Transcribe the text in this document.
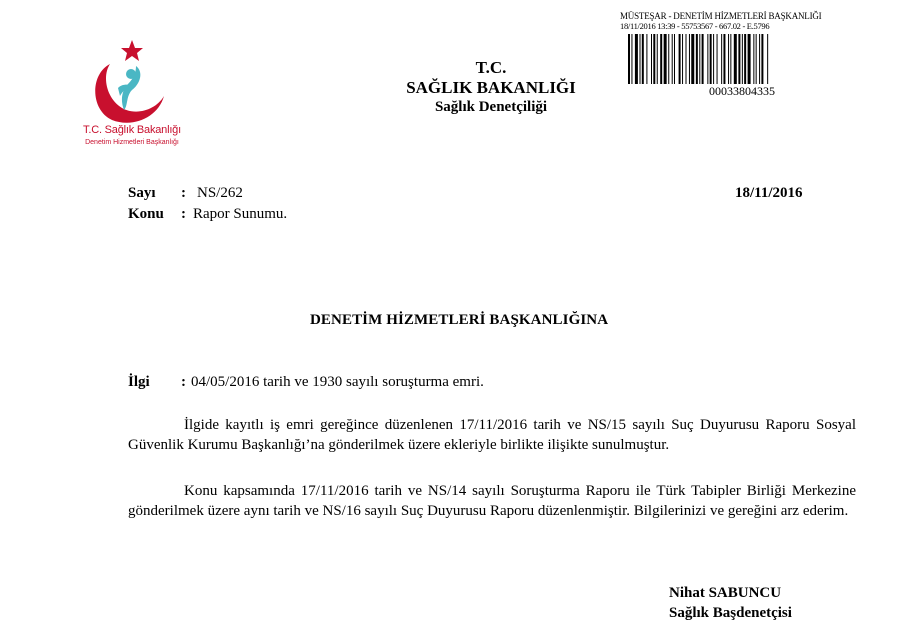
T.C. Sağlık Bakanlığı
Denetim Hizmetleri Başkanlığı
T.C.
SAĞLIK BAKANLIĞI
Sağlık Denetçiliği
MÜSTEŞAR - DENETİM HİZMETLERİ BAŞKANLIĞI
18/11/2016 13:39 - 55753567 - 667.02 - E.5796
00033804335
Sayı : NS/262
Konu : Rapor Sunumu.
18/11/2016
DENETİM HİZMETLERİ BAŞKANLIĞINA
İlgi : 04/05/2016 tarih ve 1930 sayılı soruşturma emri.
İlgide kayıtlı iş emri gereğince düzenlenen 17/11/2016 tarih ve NS/15 sayılı Suç Duyurusu Raporu Sosyal Güvenlik Kurumu Başkanlığı’na gönderilmek üzere ekleriyle birlikte ilişikte sunulmuştur.
Konu kapsamında 17/11/2016 tarih ve NS/14 sayılı Soruşturma Raporu ile Türk Tabipler Birliği Merkezine gönderilmek üzere aynı tarih ve NS/16 sayılı Suç Duyurusu Raporu düzenlenmiştir. Bilgilerinizi ve gereğini arz ederim.
Nihat SABUNCU
Sağlık Başdenetçisi
